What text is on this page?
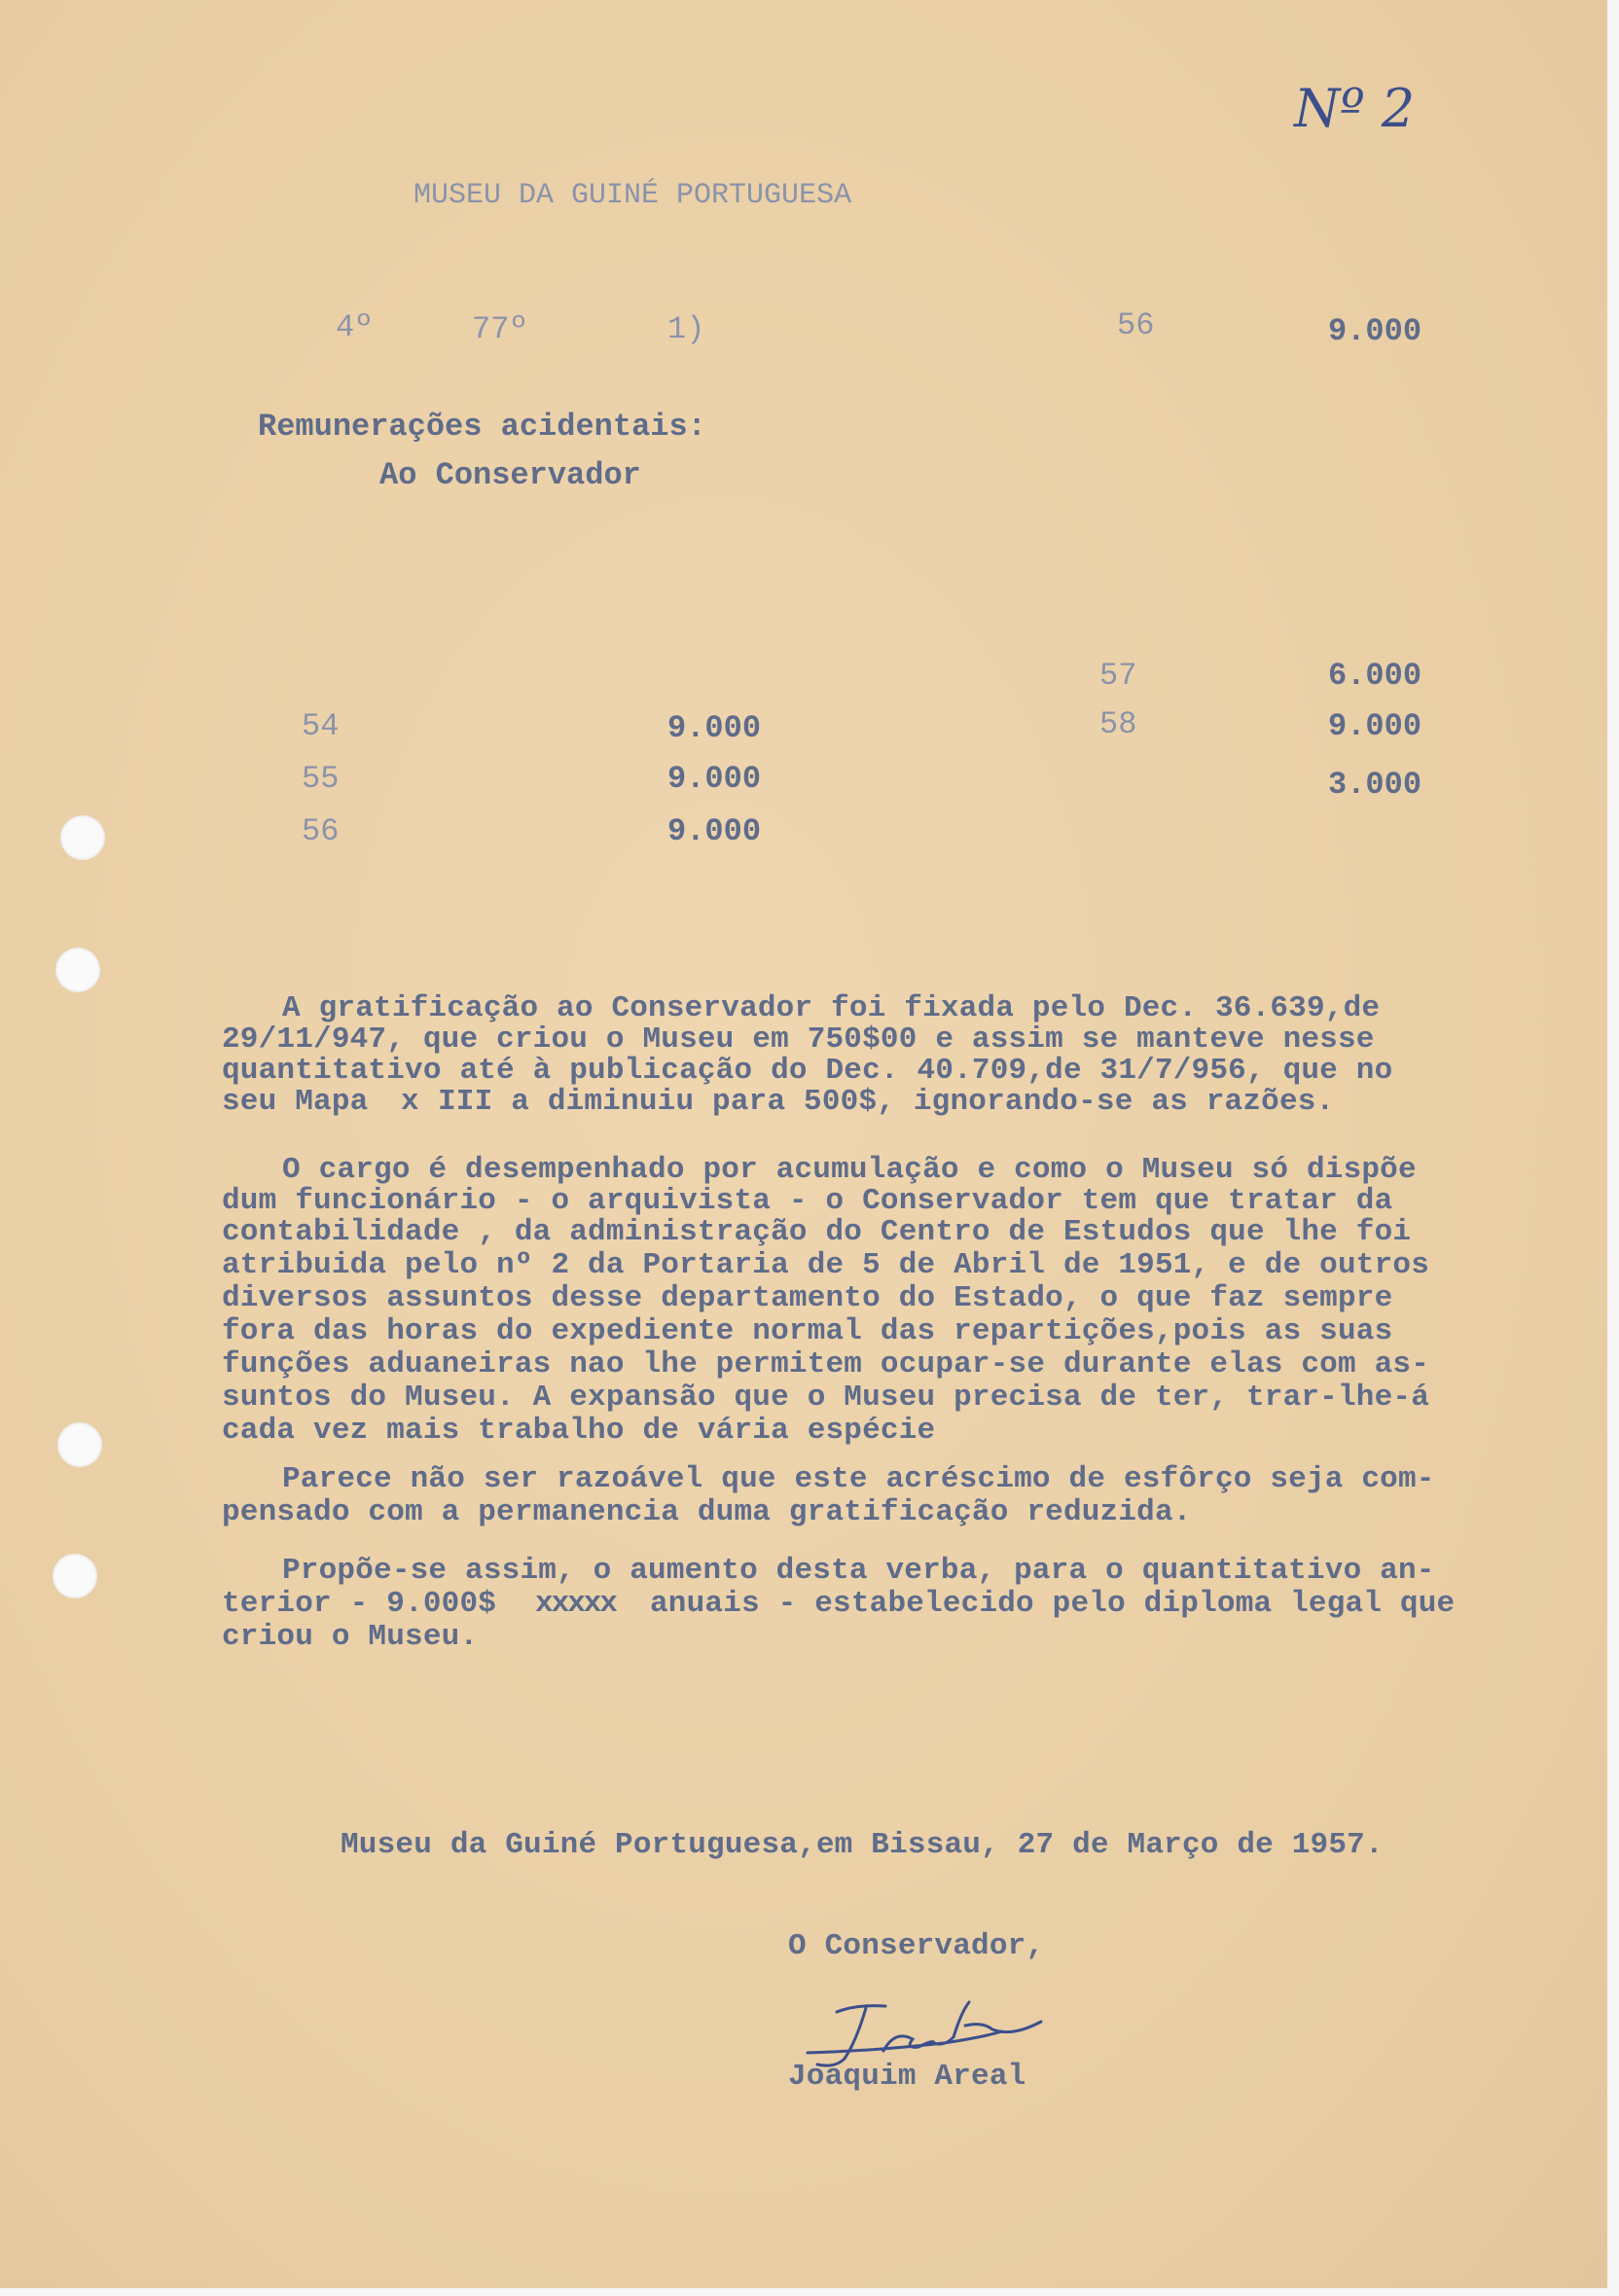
Nº 2
MUSEU DA GUINÉ PORTUGUESA
4º	77º	1)	56	9.000
Remunerações acidentais:
Ao Conservador
54	9.000
55	9.000
56	9.000
57	6.000
58	9.000
3.000
A gratificação ao Conservador foi fixada pelo Dec. 36.639,de
29/11/947, que criou o Museu em 750$00 e assim se manteve nesse
quantitativo até à publicação do Dec. 40.709,de 31/7/956, que no
seu Mapa x III a diminuiu para 500$, ignorando-se as razões.
O cargo é desempenhado por acumulação e como o Museu só dispõe
dum funcionário - o arquivista - o Conservador tem que tratar da
contabilidade , da administração do Centro de Estudos que lhe foi
atribuida pelo nº 2 da Portaria de 5 de Abril de 1951, e de outros
diversos assuntos desse departamento do Estado, o que faz sempre
fora das horas do expediente normal das repartições,pois as suas
funções aduaneiras nao lhe permitem ocupar-se durante elas com as-
suntos do Museu. A expansão que o Museu precisa de ter, trar-lhe-á
cada vez mais trabalho de vária espécie
Parece não ser razoável que este acréscimo de esfôrço seja com-
pensado com a permanencia duma gratificação reduzida.
Propõe-se assim, o aumento desta verba, para o quantitativo an-
terior - 9.000$ xxxxx anuais - estabelecido pelo diploma legal que
criou o Museu.
Museu da Guiné Portuguesa,em Bissau, 27 de Março de 1957.
O Conservador,
Joaquim Areal
